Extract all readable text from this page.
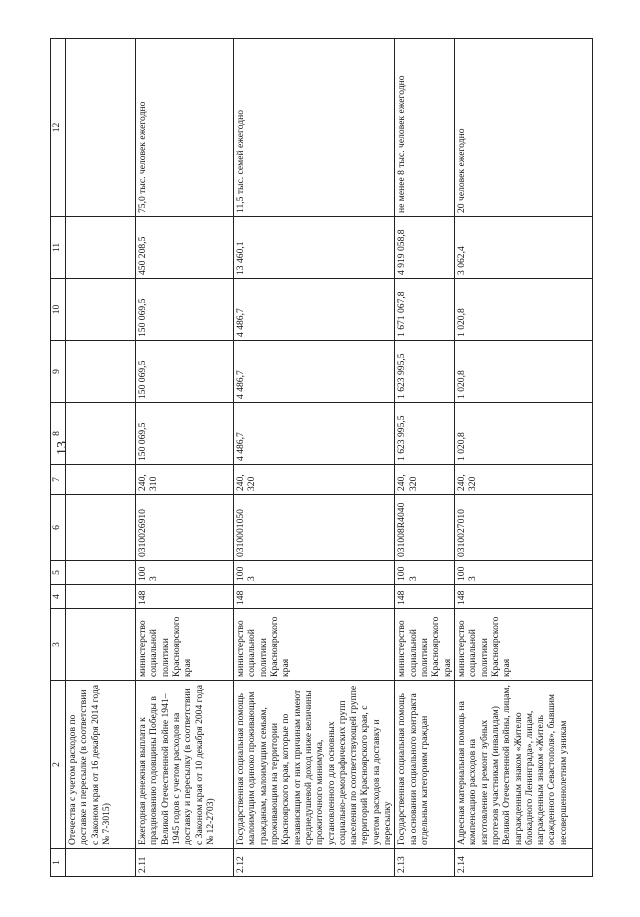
13
1	2	3	4	5	6	7	8	9	10	11	12
	Отечества с учетом расходов по доставке и пересылке (в соответствии с Законом края от 16 декабря 2014 года № 7-3015)										
2.11	Ежегодная денежная выплата к празднованию годовщины Победы в Великой Отечественной войне 1941–1945 годов с учетом расходов на доставку и пересылку (в соответствии с Законом края от 10 декабря 2004 года № 12-2703)	министерство социальной политики Красноярского края	148	1003	0310026910	240, 310	150 069,5	150 069,5	150 069,5	450 208,5	75,0 тыс. человек ежегодно
2.12	Государственная социальная помощь малоимущим одиноко проживающим гражданам, малоимущим семьям, проживающим на территории Красноярского края, которые по независящим от них причинам имеют среднедушевой доход ниже величины прожиточного минимума, установленного для основных социально-демографических групп населения по соответствующей группе территорий Красноярского края, с учетом расходов на доставку и пересылку	министерство социальной политики Красноярского края	148	1003	0310001050	240, 320	4 486,7	4 486,7	4 486,7	13 460,1	11,5 тыс. семей ежегодно
2.13	Государственная социальная помощь на основании социального контракта отдельным категориям граждан	министерство социальной политики Красноярского края	148	1003	031008R4040	240, 320	1 623 995,5	1 623 995,5	1 671 067,8	4 919 058,8	не менее 8 тыс. человек ежегодно
2.14	Адресная материальная помощь на компенсацию расходов на изготовление и ремонт зубных протезов участникам (инвалидам) Великой Отечественной войны, лицам, награжденным знаком «Жителю блокадного Ленинграда», лицам, награжденным знаком «Житель осажденного Севастополя», бывшим несовершеннолетним узникам	министерство социальной политики Красноярского края	148	1003	0310027010	240, 320	1 020,8	1 020,8	1 020,8	3 062,4	20 человек ежегодно
